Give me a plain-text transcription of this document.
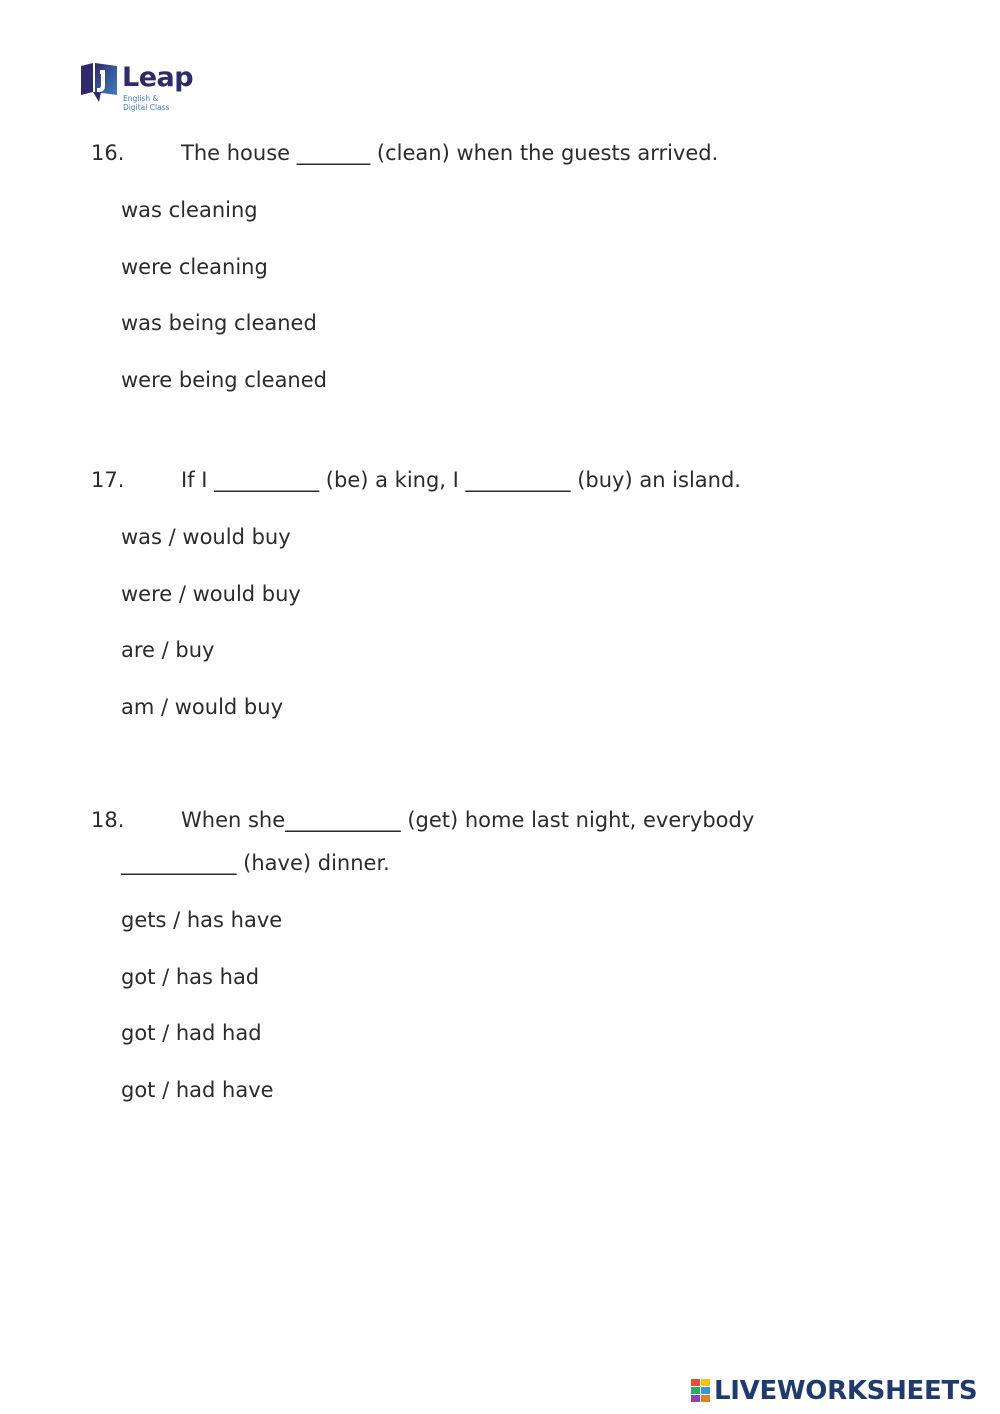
Leap
English &
Digital Class
16.	The house _______ (clean) when the guests arrived.
was cleaning
were cleaning
was being cleaned
were being cleaned
17.	If I __________ (be) a king, I __________ (buy) an island.
was / would buy
were / would buy
are / buy
am / would buy
18.	When she___________ (get) home last night, everybody
___________ (have) dinner.
gets / has have
got / has had
got / had had
got / had have
LIVEWORKSHEETS
